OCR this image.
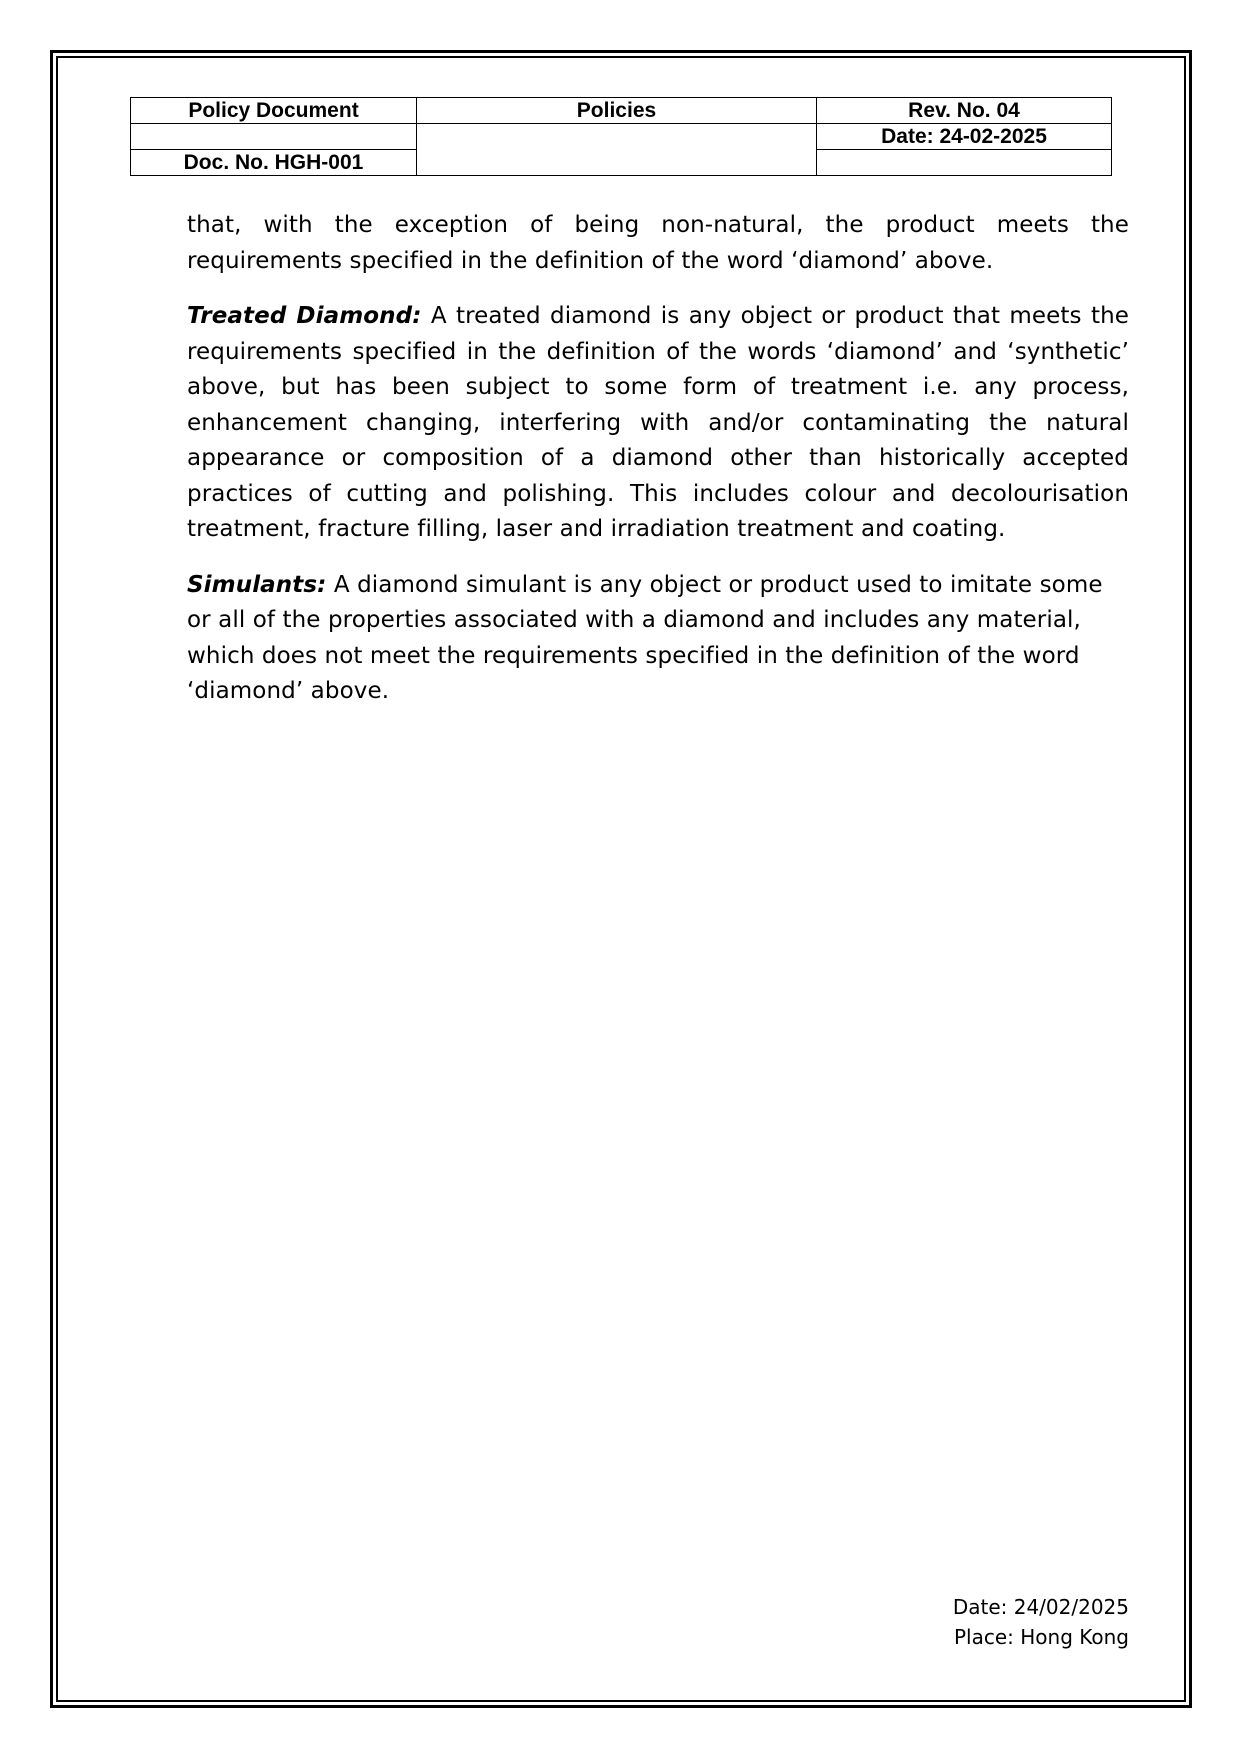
Policy Document	Policies	Rev. No. 04
		Date: 24-02-2025
Doc. No. HGH-001		

that, with the exception of being non-natural, the product meets the requirements specified in the definition of the word ‘diamond’ above.

Treated Diamond: A treated diamond is any object or product that meets the requirements specified in the definition of the words ‘diamond’ and ‘synthetic’ above, but has been subject to some form of treatment i.e. any process, enhancement changing, interfering with and/or contaminating the natural appearance or composition of a diamond other than historically accepted practices of cutting and polishing. This includes colour and decolourisation treatment, fracture filling, laser and irradiation treatment and coating.

Simulants: A diamond simulant is any object or product used to imitate some or all of the properties associated with a diamond and includes any material, which does not meet the requirements specified in the definition of the word ‘diamond’ above.

Date: 24/02/2025
Place: Hong Kong
